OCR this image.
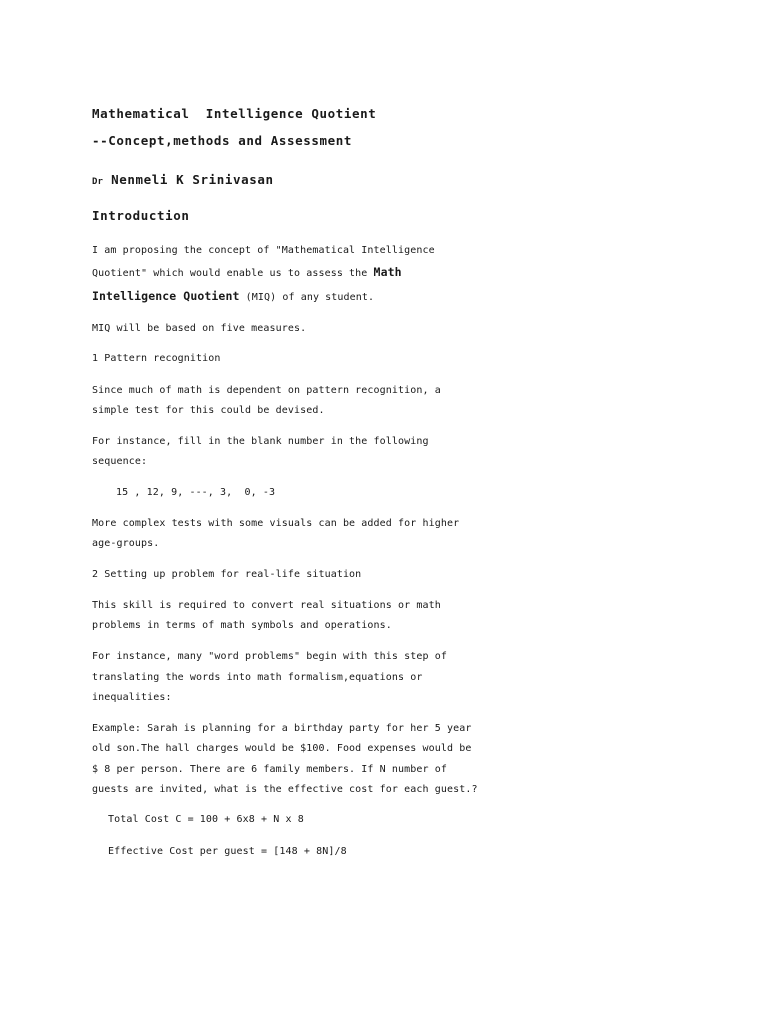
Mathematical  Intelligence Quotient
--Concept,methods and Assessment
Dr Nenmeli K Srinivasan
Introduction
I am proposing the concept of "Mathematical Intelligence
Quotient" which would enable us to assess the Math
Intelligence Quotient (MIQ) of any student.
MIQ will be based on five measures.
1 Pattern recognition
Since much of math is dependent on pattern recognition, a
simple test for this could be devised.
For instance, fill in the blank number in the following
sequence:
15 , 12, 9, ---, 3,  0, -3
More complex tests with some visuals can be added for higher
age-groups.
2 Setting up problem for real-life situation
This skill is required to convert real situations or math
problems in terms of math symbols and operations.
For instance, many "word problems" begin with this step of
translating the words into math formalism,equations or
inequalities:
Example: Sarah is planning for a birthday party for her 5 year
old son.The hall charges would be $100. Food expenses would be
$ 8 per person. There are 6 family members. If N number of
guests are invited, what is the effective cost for each guest.?
Total Cost C = 100 + 6x8 + N x 8
Effective Cost per guest = [148 + 8N]/8
